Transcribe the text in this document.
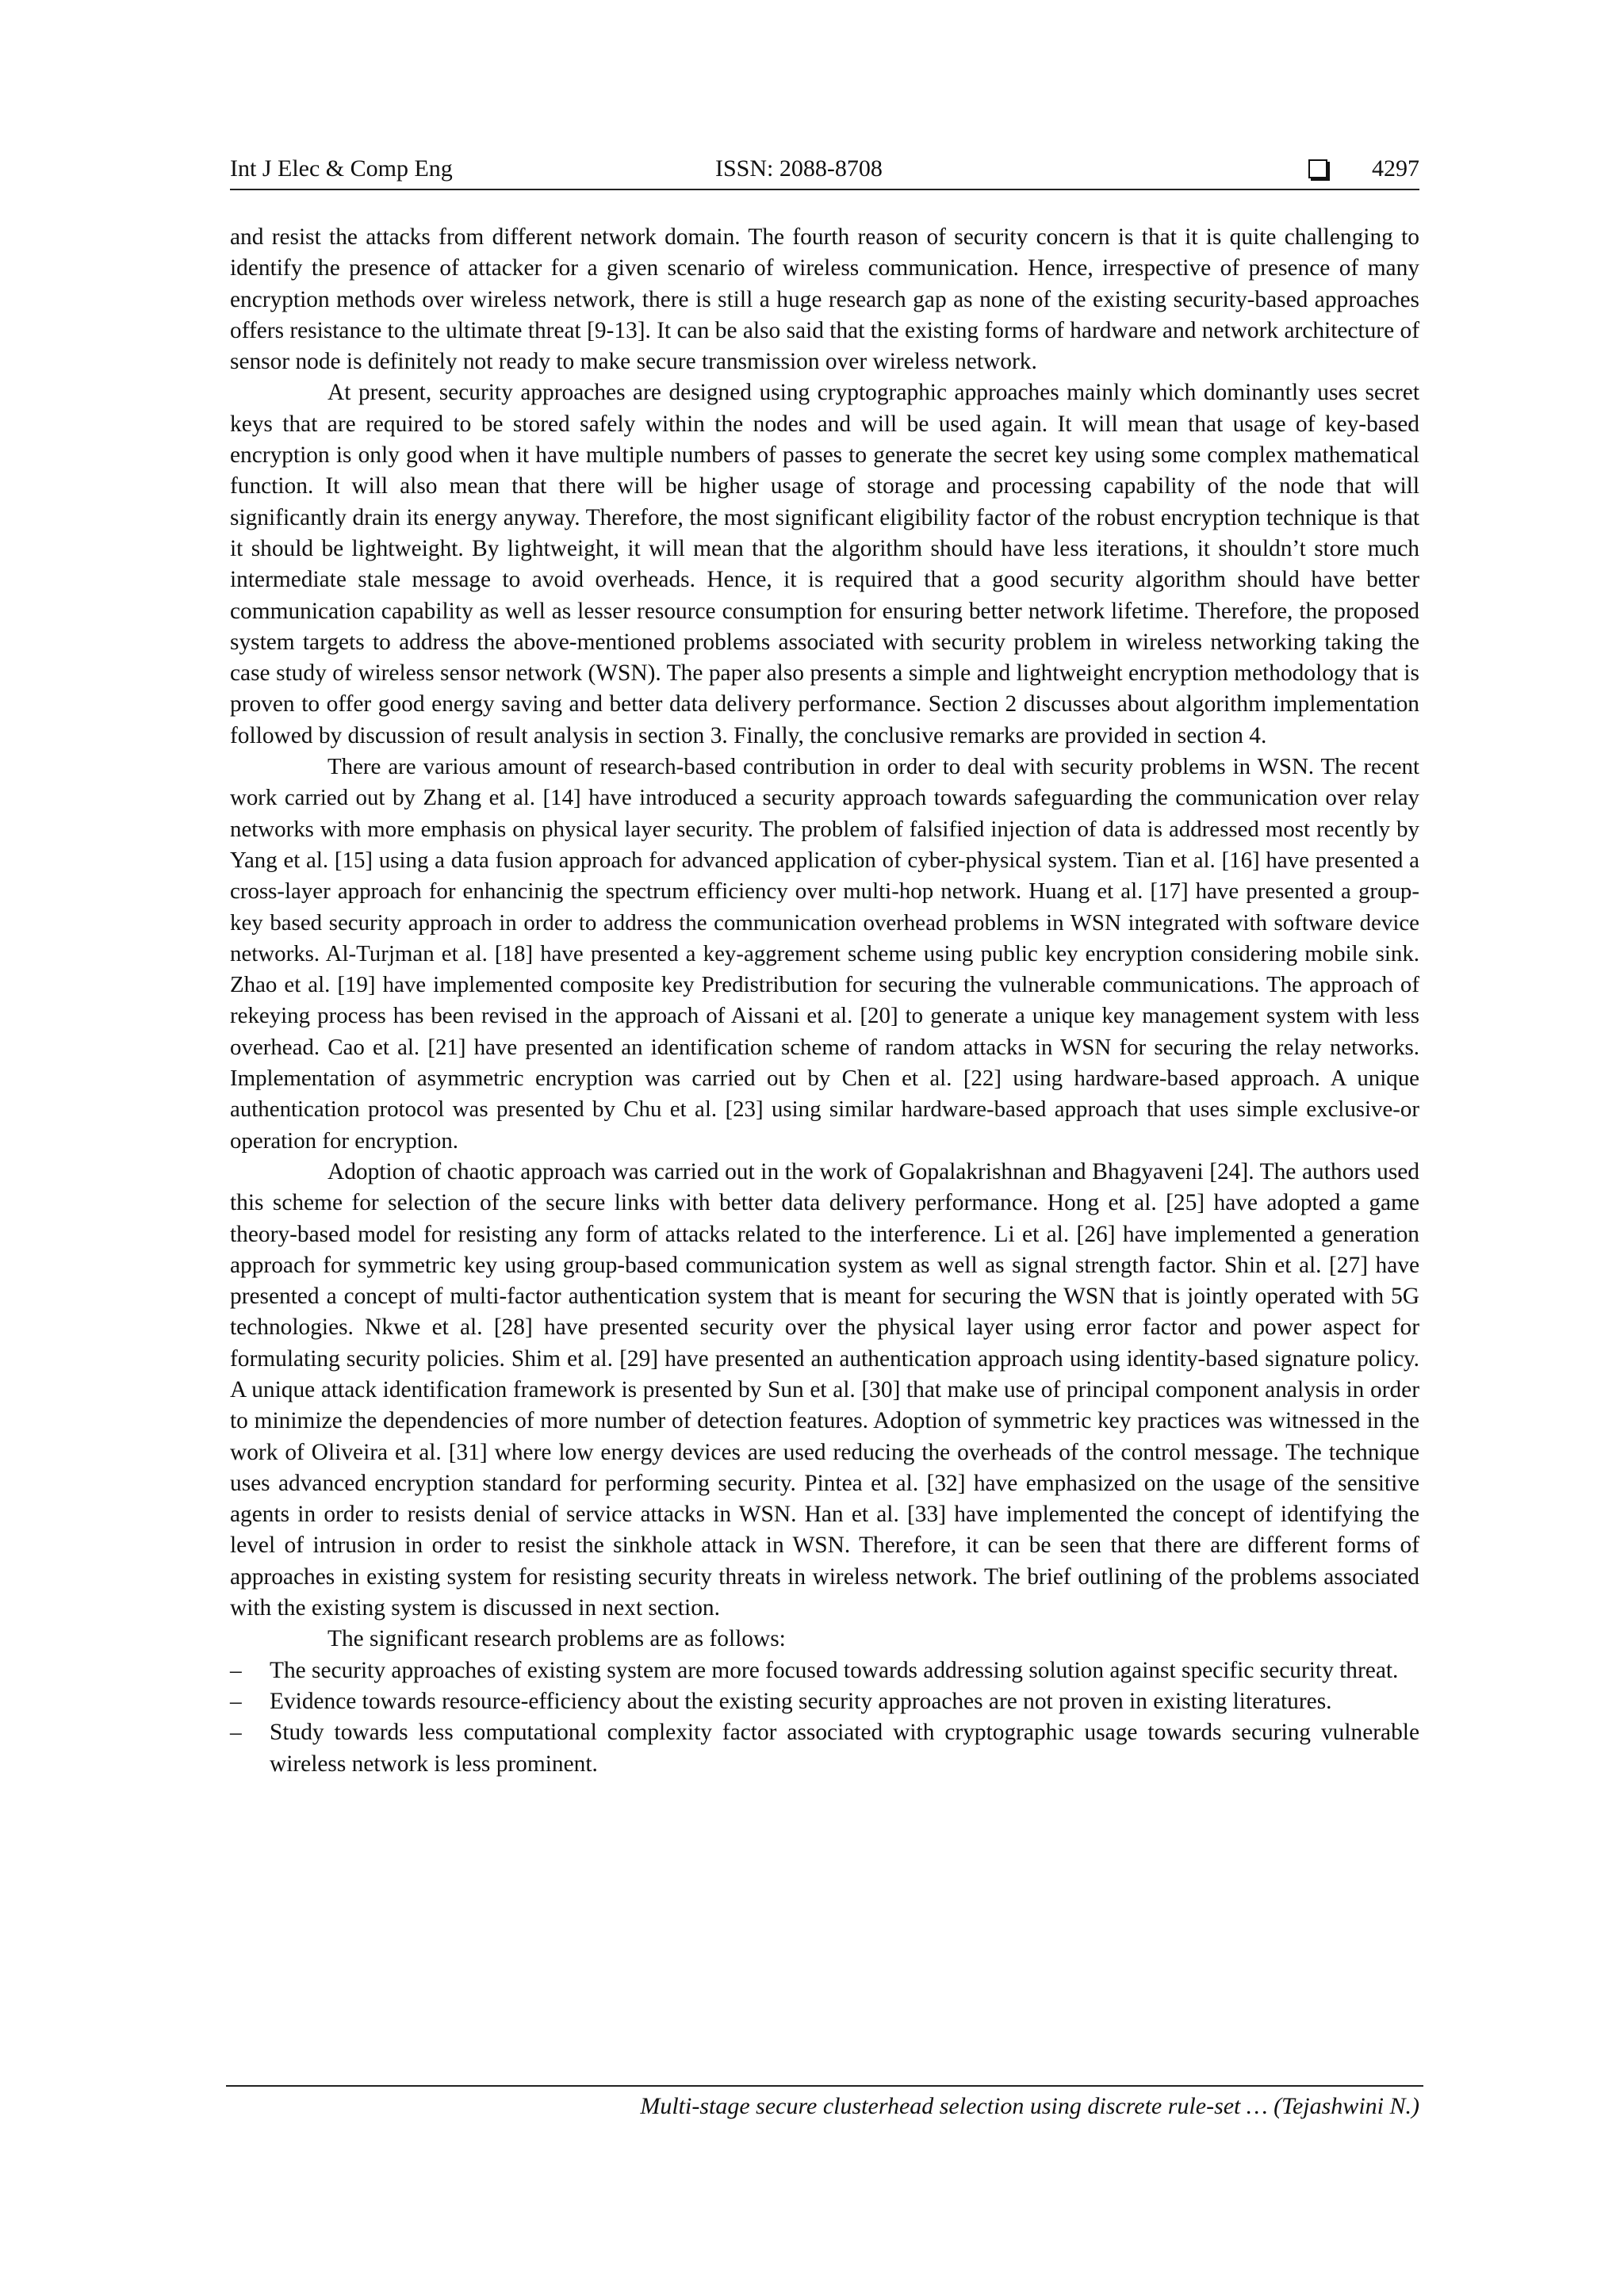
Int J Elec & Comp Eng	ISSN: 2088-8708	4297

and resist the attacks from different network domain. The fourth reason of security concern is that it is quite challenging to identify the presence of attacker for a given scenario of wireless communication. Hence, irrespective of presence of many encryption methods over wireless network, there is still a huge research gap as none of the existing security-based approaches offers resistance to the ultimate threat [9-13]. It can be also said that the existing forms of hardware and network architecture of sensor node is definitely not ready to make secure transmission over wireless network.

At present, security approaches are designed using cryptographic approaches mainly which dominantly uses secret keys that are required to be stored safely within the nodes and will be used again. It will mean that usage of key-based encryption is only good when it have multiple numbers of passes to generate the secret key using some complex mathematical function. It will also mean that there will be higher usage of storage and processing capability of the node that will significantly drain its energy anyway. Therefore, the most significant eligibility factor of the robust encryption technique is that it should be lightweight. By lightweight, it will mean that the algorithm should have less iterations, it shouldn’t store much intermediate stale message to avoid overheads. Hence, it is required that a good security algorithm should have better communication capability as well as lesser resource consumption for ensuring better network lifetime. Therefore, the proposed system targets to address the above-mentioned problems associated with security problem in wireless networking taking the case study of wireless sensor network (WSN). The paper also presents a simple and lightweight encryption methodology that is proven to offer good energy saving and better data delivery performance. Section 2 discusses about algorithm implementation followed by discussion of result analysis in section 3. Finally, the conclusive remarks are provided in section 4.

There are various amount of research-based contribution in order to deal with security problems in WSN. The recent work carried out by Zhang et al. [14] have introduced a security approach towards safeguarding the communication over relay networks with more emphasis on physical layer security. The problem of falsified injection of data is addressed most recently by Yang et al. [15] using a data fusion approach for advanced application of cyber-physical system. Tian et al. [16] have presented a cross-layer approach for enhancinig the spectrum efficiency over multi-hop network. Huang et al. [17] have presented a group-key based security approach in order to address the communication overhead problems in WSN integrated with software device networks. Al-Turjman et al. [18] have presented a key-aggrement scheme using public key encryption considering mobile sink. Zhao et al. [19] have implemented composite key Predistribution for securing the vulnerable communications. The approach of rekeying process has been revised in the approach of Aissani et al. [20] to generate a unique key management system with less overhead. Cao et al. [21] have presented an identification scheme of random attacks in WSN for securing the relay networks. Implementation of asymmetric encryption was carried out by Chen et al. [22] using hardware-based approach. A unique authentication protocol was presented by Chu et al. [23] using similar hardware-based approach that uses simple exclusive-or operation for encryption.

Adoption of chaotic approach was carried out in the work of Gopalakrishnan and Bhagyaveni [24]. The authors used this scheme for selection of the secure links with better data delivery performance. Hong et al. [25] have adopted a game theory-based model for resisting any form of attacks related to the interference. Li et al. [26] have implemented a generation approach for symmetric key using group-based communication system as well as signal strength factor. Shin et al. [27] have presented a concept of multi-factor authentication system that is meant for securing the WSN that is jointly operated with 5G technologies. Nkwe et al. [28] have presented security over the physical layer using error factor and power aspect for formulating security policies. Shim et al. [29] have presented an authentication approach using identity-based signature policy. A unique attack identification framework is presented by Sun et al. [30] that make use of principal component analysis in order to minimize the dependencies of more number of detection features. Adoption of symmetric key practices was witnessed in the work of Oliveira et al. [31] where low energy devices are used reducing the overheads of the control message. The technique uses advanced encryption standard for performing security. Pintea et al. [32] have emphasized on the usage of the sensitive agents in order to resists denial of service attacks in WSN. Han et al. [33] have implemented the concept of identifying the level of intrusion in order to resist the sinkhole attack in WSN. Therefore, it can be seen that there are different forms of approaches in existing system for resisting security threats in wireless network. The brief outlining of the problems associated with the existing system is discussed in next section.

The significant research problems are as follows:

– The security approaches of existing system are more focused towards addressing solution against specific security threat.
– Evidence towards resource-efficiency about the existing security approaches are not proven in existing literatures.
– Study towards less computational complexity factor associated with cryptographic usage towards securing vulnerable wireless network is less prominent.
Multi-stage secure clusterhead selection using discrete rule-set … (Tejashwini N.)
